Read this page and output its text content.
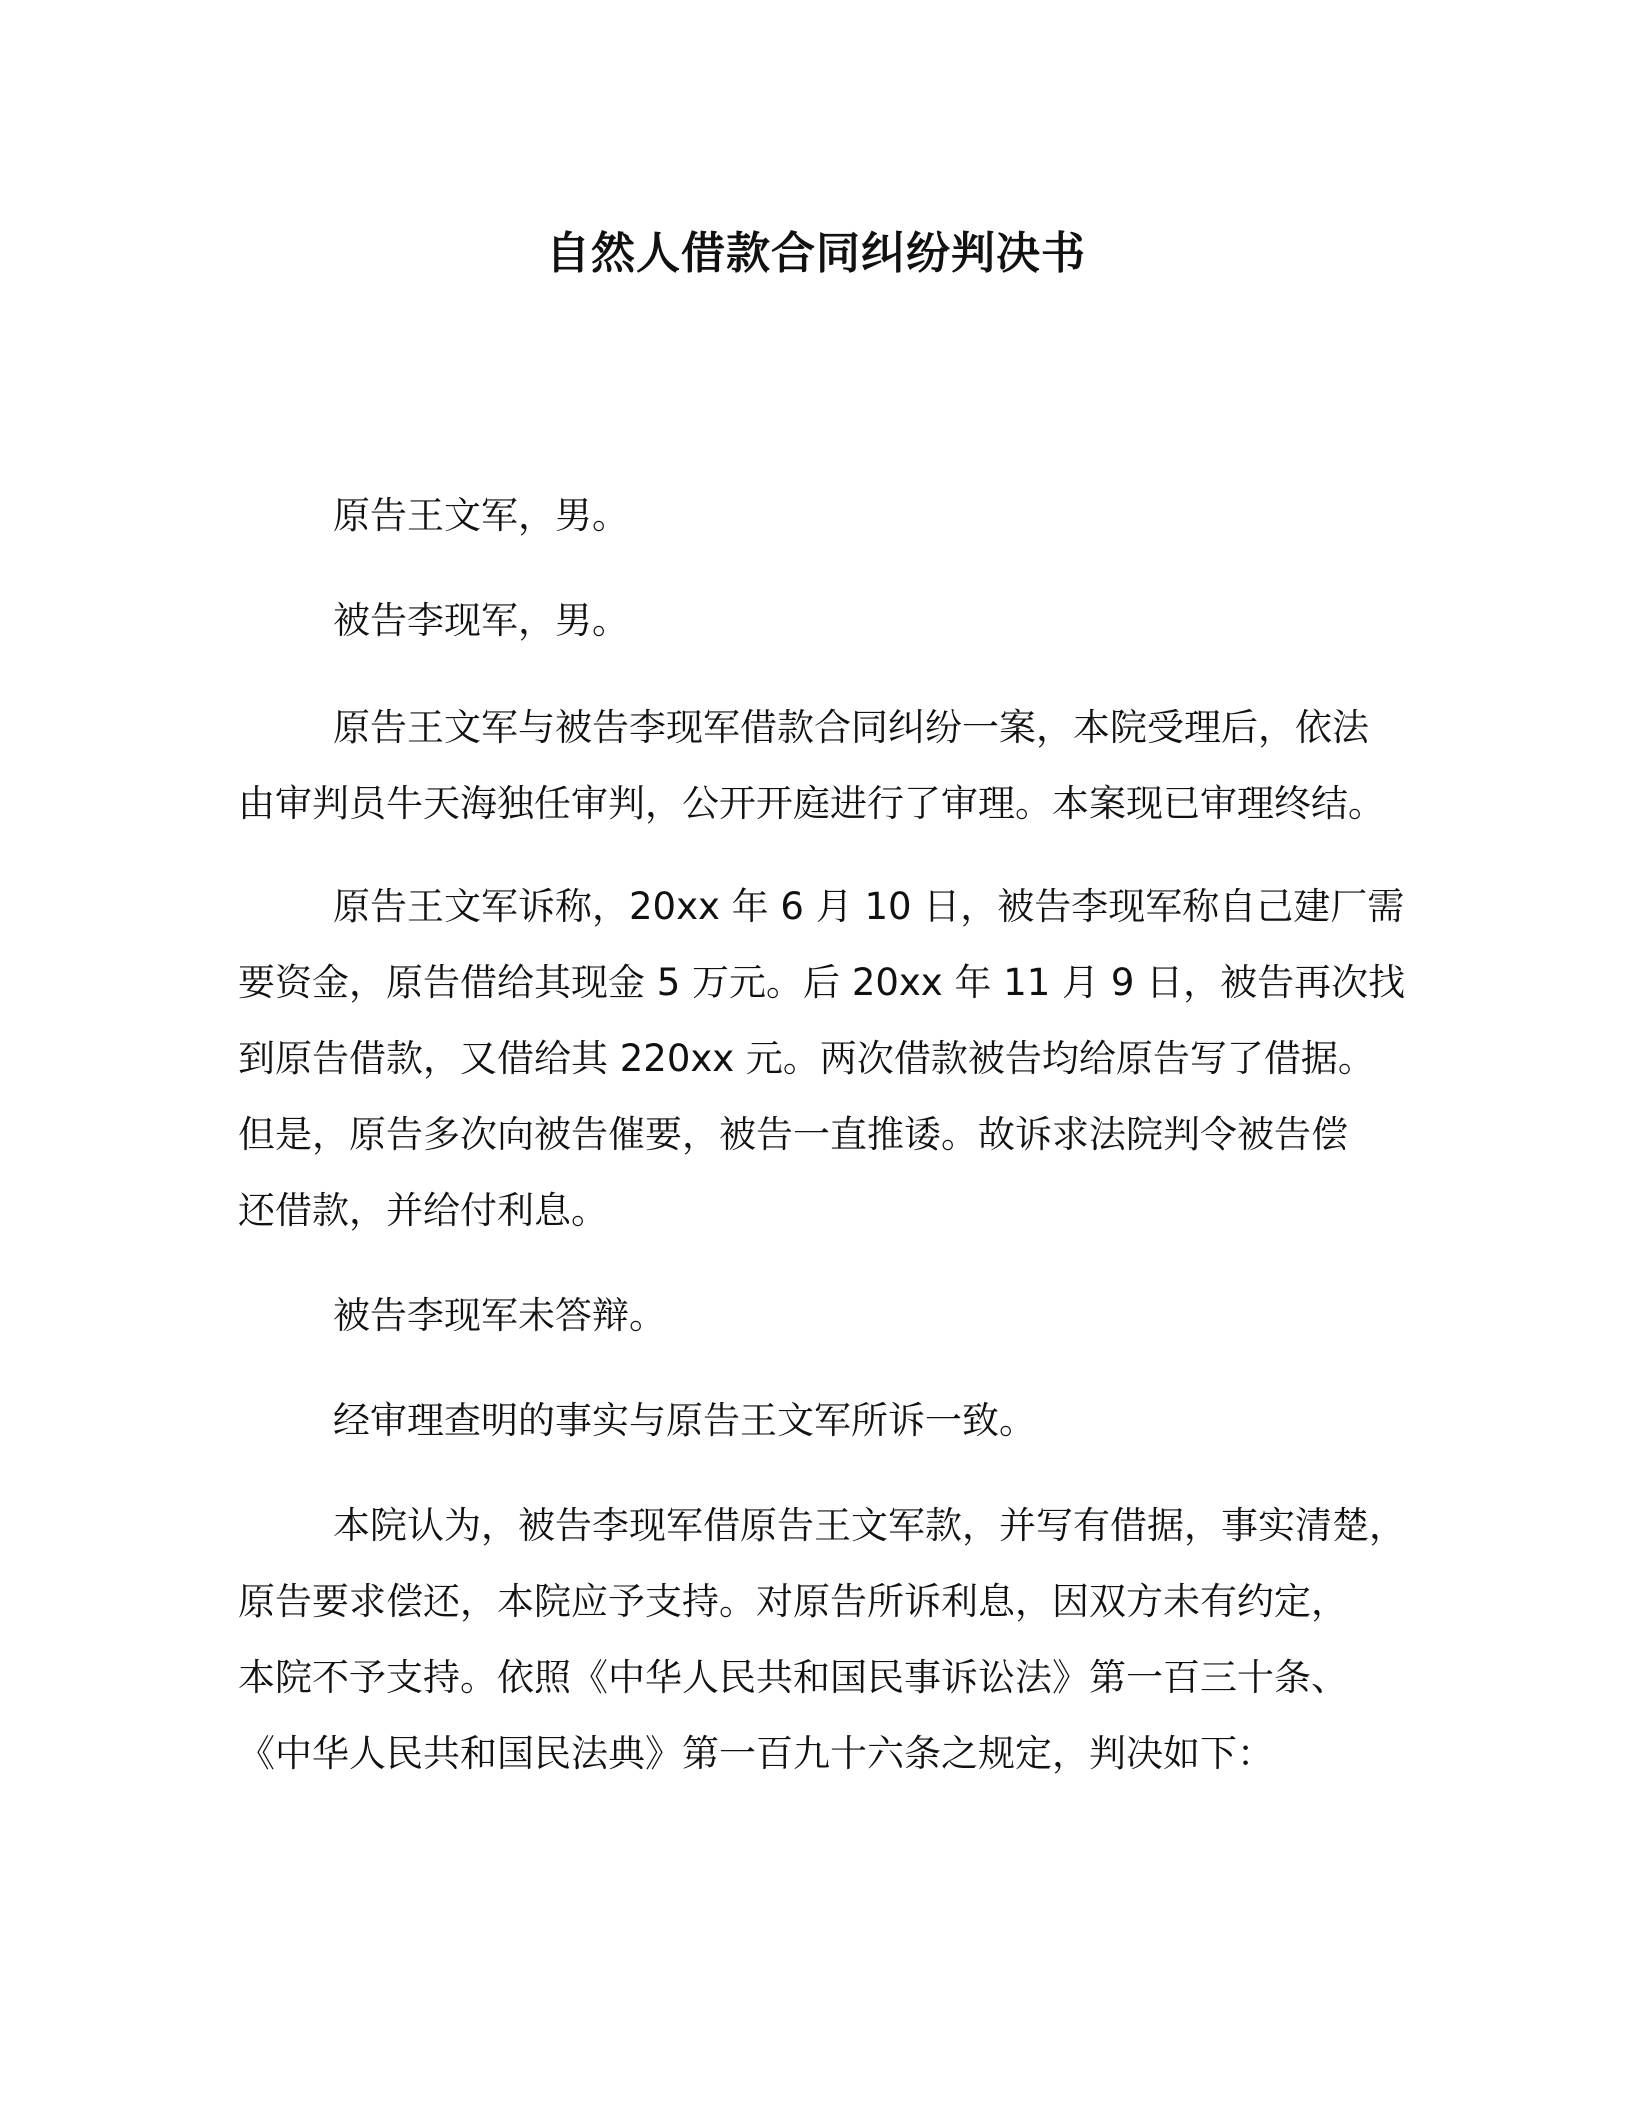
自然人借款合同纠纷判决书
原告王文军，男。
被告李现军，男。
原告王文军与被告李现军借款合同纠纷一案，本院受理后，依法
由审判员牛天海独任审判，公开开庭进行了审理。本案现已审理终结。
原告王文军诉称，20xx 年 6 月 10 日，被告李现军称自己建厂需
要资金，原告借给其现金 5 万元。后 20xx 年 11 月 9 日，被告再次找
到原告借款，又借给其 220xx 元。两次借款被告均给原告写了借据。
但是，原告多次向被告催要，被告一直推诿。故诉求法院判令被告偿
还借款，并给付利息。
被告李现军未答辩。
经审理查明的事实与原告王文军所诉一致。
本院认为，被告李现军借原告王文军款，并写有借据，事实清楚，
原告要求偿还，本院应予支持。对原告所诉利息，因双方未有约定，
本院不予支持。依照《中华人民共和国民事诉讼法》第一百三十条、
《中华人民共和国民法典》第一百九十六条之规定，判决如下：
